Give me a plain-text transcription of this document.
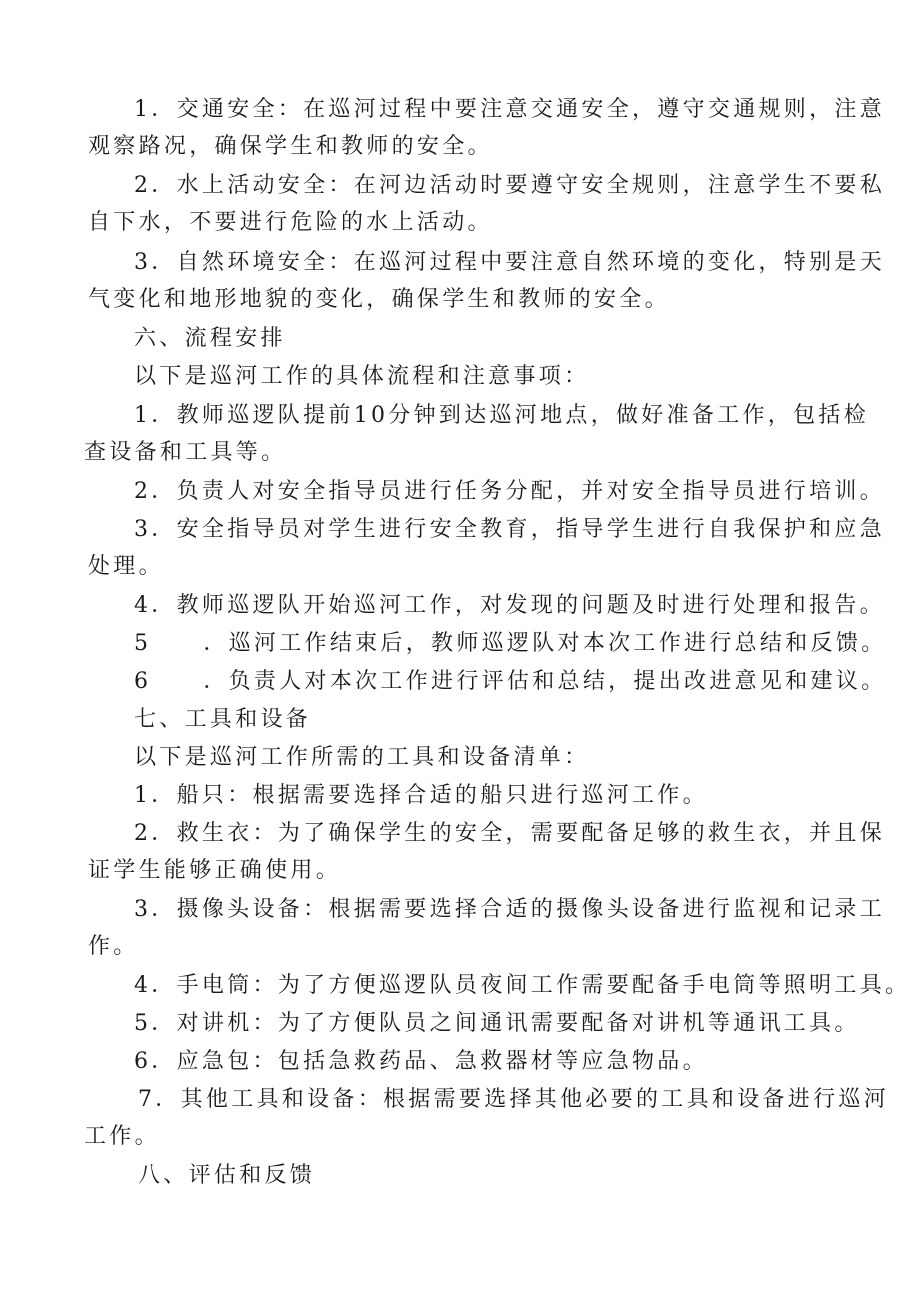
1．交通安全：在巡河过程中要注意交通安全，遵守交通规则，注意
观察路况，确保学生和教师的安全。

2．水上活动安全：在河边活动时要遵守安全规则，注意学生不要私
自下水，不要进行危险的水上活动。

3．自然环境安全：在巡河过程中要注意自然环境的变化，特别是天
气变化和地形地貌的变化，确保学生和教师的安全。

六、流程安排

以下是巡河工作的具体流程和注意事项：

1．教师巡逻队提前10分钟到达巡河地点，做好准备工作，包括检
查设备和工具等。

2．负责人对安全指导员进行任务分配，并对安全指导员进行培训。

3．安全指导员对学生进行安全教育，指导学生进行自我保护和应急
处理。

4．教师巡逻队开始巡河工作，对发现的问题及时进行处理和报告。

5 ．巡河工作结束后，教师巡逻队对本次工作进行总结和反馈。

6 ．负责人对本次工作进行评估和总结，提出改进意见和建议。

七、工具和设备

以下是巡河工作所需的工具和设备清单：

1．船只：根据需要选择合适的船只进行巡河工作。

2．救生衣：为了确保学生的安全，需要配备足够的救生衣，并且保
证学生能够正确使用。

3．摄像头设备：根据需要选择合适的摄像头设备进行监视和记录工
作。

4．手电筒：为了方便巡逻队员夜间工作需要配备手电筒等照明工具。

5．对讲机：为了方便队员之间通讯需要配备对讲机等通讯工具。

6．应急包：包括急救药品、急救器材等应急物品。

7．其他工具和设备：根据需要选择其他必要的工具和设备进行巡河
工作。

八、评估和反馈
